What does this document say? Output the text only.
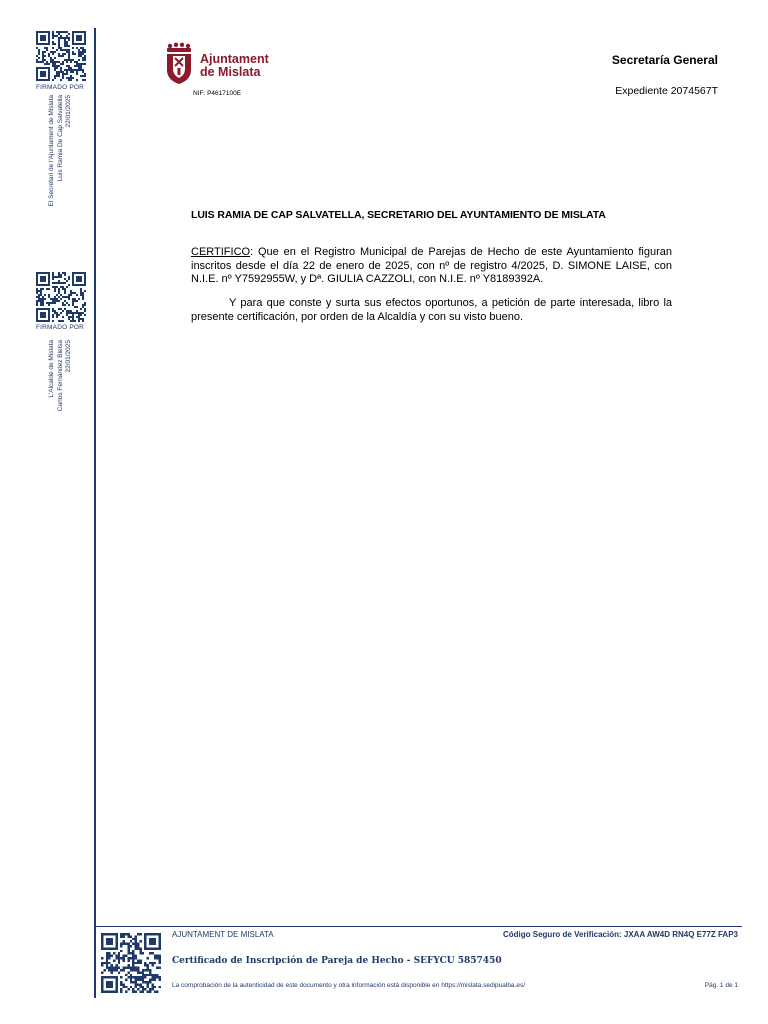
FIRMADO POR
El Secretari de l'Ajuntament de Mislata Luis Ramia De Cap Salvatella 22/01/2025
FIRMADO POR
L'Alcalde de Mislata Carlos Fernández Bielsa 22/01/2025
Ajuntament
de Mislata
NIF: P4617100E
Secretaría General
Expediente 2074567T
LUIS RAMIA DE CAP SALVATELLA, SECRETARIO DEL AYUNTAMIENTO DE MISLATA
CERTIFICO: Que en el Registro Municipal de Parejas de Hecho de este Ayuntamiento figuran inscritos desde el día 22 de enero de 2025, con nº de registro 4/2025, D. SIMONE LAISE, con N.I.E. nº Y7592955W, y Dª. GIULIA CAZZOLI, con N.I.E. nº Y8189392A.
Y para que conste y surta sus efectos oportunos, a petición de parte interesada, libro la presente certificación, por orden de la Alcaldía y con su visto bueno.
AJUNTAMENT DE MISLATA	Código Seguro de Verificación: JXAA AW4D RN4Q E77Z FAP3
Certificado de Inscripción de Pareja de Hecho - SEFYCU 5857450
La comprobación de la autenticidad de este documento y otra información está disponible en https://mislata.sedipualba.es/	Pág. 1 de 1
